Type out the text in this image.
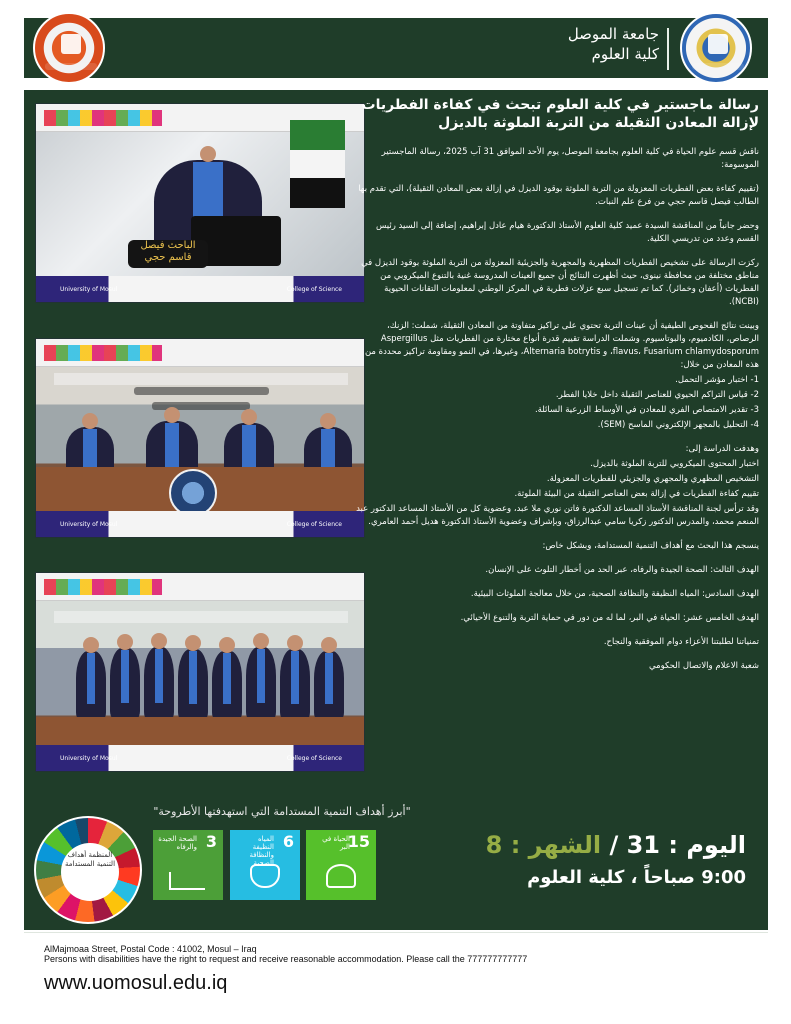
جامعة الموصل
كلية العلوم
الباحث فيصل قاسم حجي
University of Mosul	College of Science
University of Mosul	College of Science
University of Mosul	College of Science
رسالة ماجستير في كلية العلوم تبحث في كفاءة الفطريات لإزالة المعادن الثقيلة من التربة الملوثة بالديزل

ناقش قسم علوم الحياة في كلية العلوم بجامعة الموصل، يوم الأحد الموافق 31 آب 2025، رسالة الماجستير الموسومة:

(تقييم كفاءة بعض الفطريات المعزولة من التربة الملوثة بوقود الديزل في إزالة بعض المعادن الثقيلة)، التي تقدم بها الطالب فيصل قاسم حجي من فرع علم النبات.

وحضر جانباً من المناقشة السيدة عميد كلية العلوم الأستاذ الدكتورة هيام عادل إبراهيم، إضافة إلى السيد رئيس القسم وعدد من تدريسي الكلية.

ركزت الرسالة على تشخيص الفطريات المظهرية والمجهرية والجزيئية المعزولة من التربة الملوثة بوقود الديزل في مناطق مختلفة من محافظة نينوى، حيث أظهرت النتائج أن جميع العينات المدروسة غنية بالتنوع الميكروبي من الفطريات (أعفان وخمائر). كما تم تسجيل سبع عزلات فطرية في المركز الوطني لمعلومات التقانات الحيوية (NCBI).

وبينت نتائج الفحوص الطيفية أن عينات التربة تحتوي على تراكيز متفاوتة من المعادن الثقيلة، شملت: الزنك، الرصاص، الكادميوم، والبوتاسيوم. وشملت الدراسة تقييم قدرة أنواع مختارة من الفطريات مثل Aspergillus flavus، Fusarium chlamydosporum، و Alternaria botrytis، وغيرها، في النمو ومقاومة تراكيز محددة من هذه المعادن من خلال:

1- اختبار مؤشر التحمل.

2- قياس التراكم الحيوي للعناصر الثقيلة داخل خلايا الفطر.

3- تقدير الامتصاص الفري للمعادن في الأوساط الزرعية السائلة.

4- التحليل بالمجهر الإلكتروني الماسح (SEM).

وهدفت الدراسة إلى:

اختبار المحتوى الميكروبي للتربة الملوثة بالديزل.

التشخيص المظهري والمجهري والجزيئي للفطريات المعزولة.

تقييم كفاءة الفطريات في إزالة بعض العناصر الثقيلة من البيئة الملوثة.

وقد ترأس لجنة المناقشة الأستاذ المساعد الدكتورة فاتن نوري ملا عبد، وعضوية كل من الأستاذ المساعد الدكتور عبد المنعم محمد، والمدرس الدكتور زكريا سامي عبدالرزاق، وبإشراف وعضوية الأستاذ الدكتورة هديل أحمد العامري.

ينسجم هذا البحث مع أهداف التنمية المستدامة، وبشكل خاص:

الهدف الثالث: الصحة الجيدة والرفاه، عبر الحد من أخطار التلوث على الإنسان.

الهدف السادس: المياه النظيفة والنظافة الصحية، من خلال معالجة الملوثات البيئية.

الهدف الخامس عشر: الحياة في البر، لما له من دور في حماية التربة والتنوع الأحيائي.

تمنياتنا لطلبتنا الأعزاء دوام الموفقية والنجاح.

شعبة الاعلام والاتصال الحكومي

"أبرز أهداف التنمية المستدامة التي استهدفتها الأطروحة"
المنظمة أهداف التنمية المستدامة
3
الصحة الجيدة والرفاه	6
المياه النظيفة والنظافة الصحية
15
الحياة في البر	اليوم : 31 / الشهر : 8
9:00 صباحاً ، كلية العلوم
AlMajmoaa Street, Postal Code : 41002, Mosul – Iraq
Persons with disabilities have the right to request and receive reasonable accommodation. Please call the 777777777777
www.uomosul.edu.iq
